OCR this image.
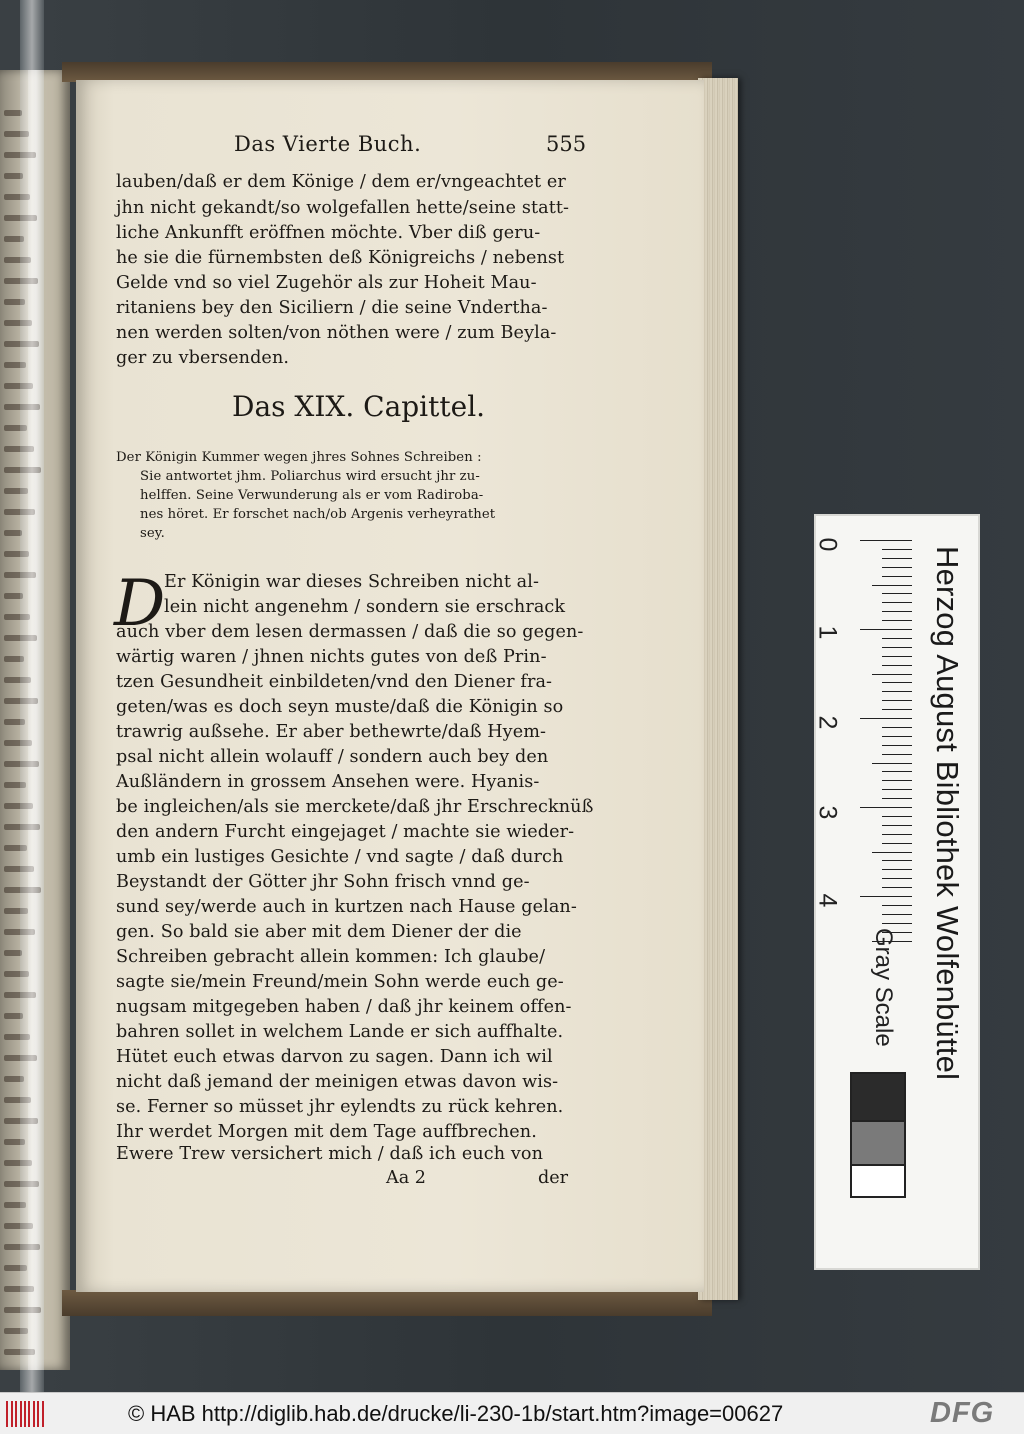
Das Vierte Buch.	555
lauben/daß er dem Königе / dem er/vngeachtet er
jhn nicht gekandt/so wolgefallen hette/seine statt-
liche Ankunfft eröffnen möchte. Vber diß geru-
he sie die fürnembsten deß Königreichs / nebenst
Gelde vnd so viel Zugehör als zur Hoheit Mau-
ritaniens bey den Siciliern / die seine Vndertha-
nen werden solten/von nöthen were / zum Beyla-
ger zu vbersenden.
Das XIX. Capittel.
Der Königin Kummer wegen jhres Sohnes Schreiben :
Sie antwortet jhm. Poliarchus wird ersucht jhr zu-
helffen. Seine Verwunderung als er vom Radiroba-
nes höret. Er forschet nach/ob Argenis verheyrathet
sey.
D
Er Königin war dieses Schreiben nicht al-
lein nicht angenehm / sondern sie erschrack
auch vber dem lesen dermassen / daß die so gegen-
wärtig waren / jhnen nichts gutes von deß Prin-
tzen Gesundheit einbildeten/vnd den Diener fra-
geten/was es doch seyn muste/daß die Königin so
trawrig außsehe. Er aber bethewrte/daß Hyem-
psal nicht allein wolauff / sondern auch bey den
Außländern in grossem Ansehen were. Hyanis-
be ingleichen/als sie merckete/daß jhr Erschrecknüß
den andern Furcht eingejaget / machte sie wieder-
umb ein lustiges Gesichte / vnd sagte / daß durch
Beystandt der Götter jhr Sohn frisch vnnd ge-
sund sey/werde auch in kurtzen nach Hause gelan-
gen. So bald sie aber mit dem Diener der die
Schreiben gebracht allein kommen: Ich glaube/
sagte sie/mein Freund/mein Sohn werde euch ge-
nugsam mitgegeben haben / daß jhr keinem offen-
bahren sollet in welchem Lande er sich auffhalte.
Hütet euch etwas darvon zu sagen. Dann ich wil
nicht daß jemand der meinigen etwas davon wis-
se. Ferner so müsset jhr eylendts zu rück kehren.
Ihr werdet Morgen mit dem Tage auffbrechen.
Ewere Trew versichert mich / daß ich euch von
Aa 2	der
0
1
2
3
4
Gray Scale Herzog August Bibliothek Wolfenbüttel
© HAB http://diglib.hab.de/drucke/li-230-1b/start.htm?image=00627	DFG
